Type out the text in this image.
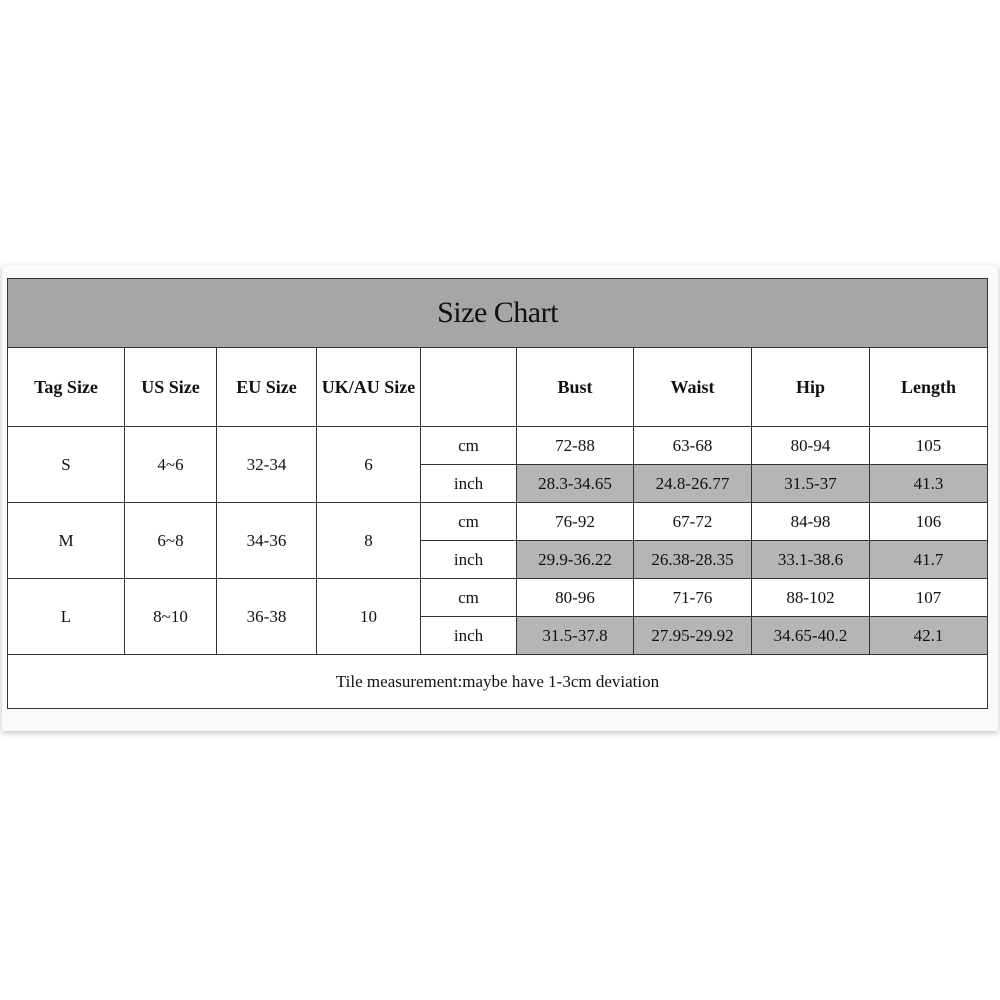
Size Chart								
Tag Size	US Size	EU Size	UK/AU Size		Bust	Waist	Hip	Length
S	4~6	32-34	6	cm	72-88	63-68	80-94	105
				inch	28.3-34.65	24.8-26.77	31.5-37	41.3
M	6~8	34-36	8	cm	76-92	67-72	84-98	106
				inch	29.9-36.22	26.38-28.35	33.1-38.6	41.7
L	8~10	36-38	10	cm	80-96	71-76	88-102	107
				inch	31.5-37.8	27.95-29.92	34.65-40.2	42.1
Tile measurement:maybe have 1-3cm deviation								
